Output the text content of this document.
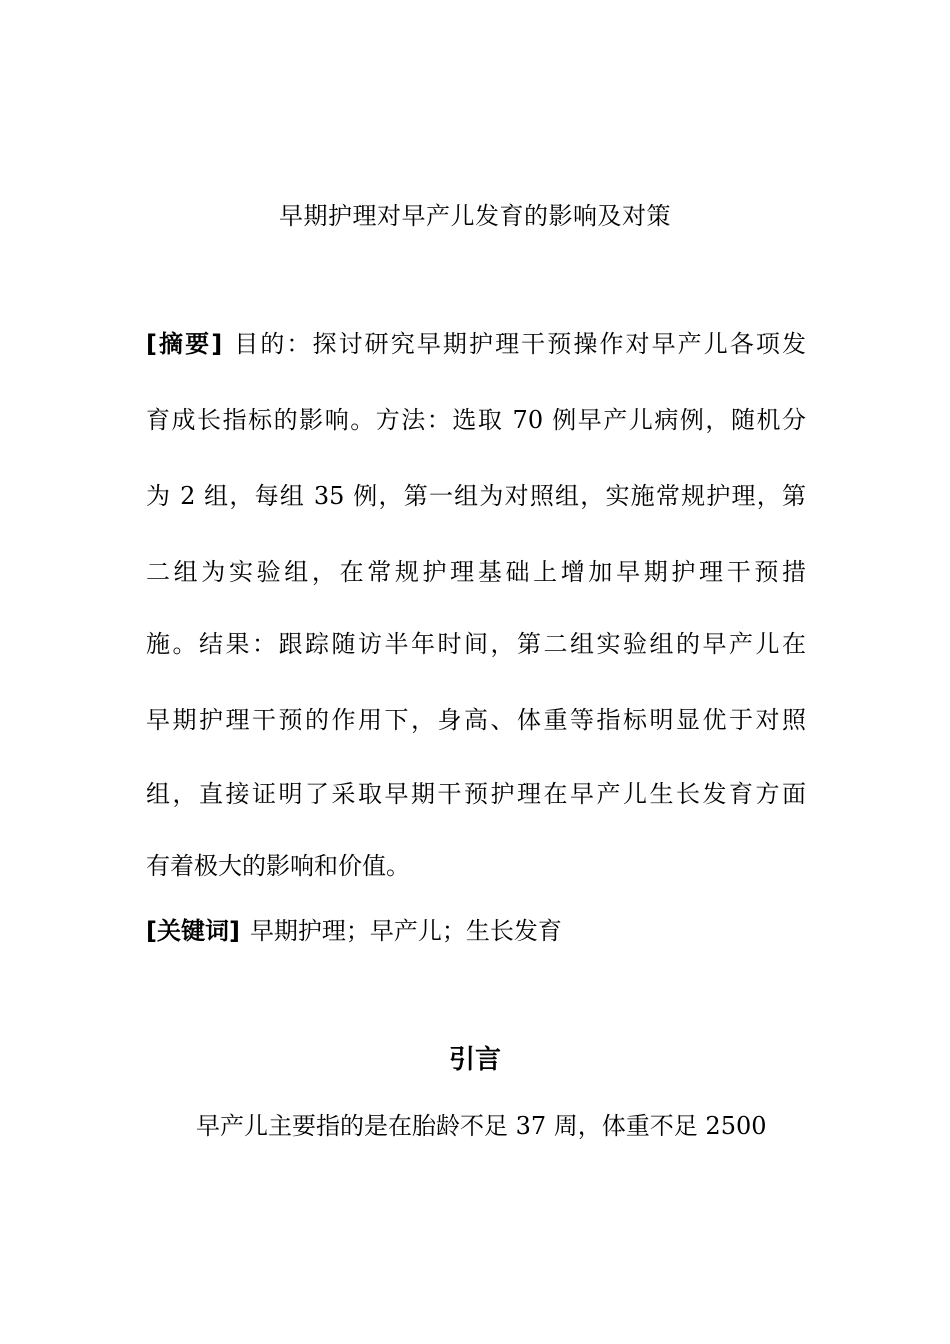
早期护理对早产儿发育的影响及对策
[摘要] 目的：探讨研究早期护理干预操作对早产儿各项发
育成长指标的影响。方法：选取 70 例早产儿病例，随机分
为 2 组，每组 35 例，第一组为对照组，实施常规护理，第
二组为实验组，在常规护理基础上增加早期护理干预措
施。结果：跟踪随访半年时间，第二组实验组的早产儿在
早期护理干预的作用下，身高、体重等指标明显优于对照
组，直接证明了采取早期干预护理在早产儿生长发育方面
有着极大的影响和价值。
[关键词] 早期护理；早产儿；生长发育
引言
早产儿主要指的是在胎龄不足 37 周，体重不足 2500
